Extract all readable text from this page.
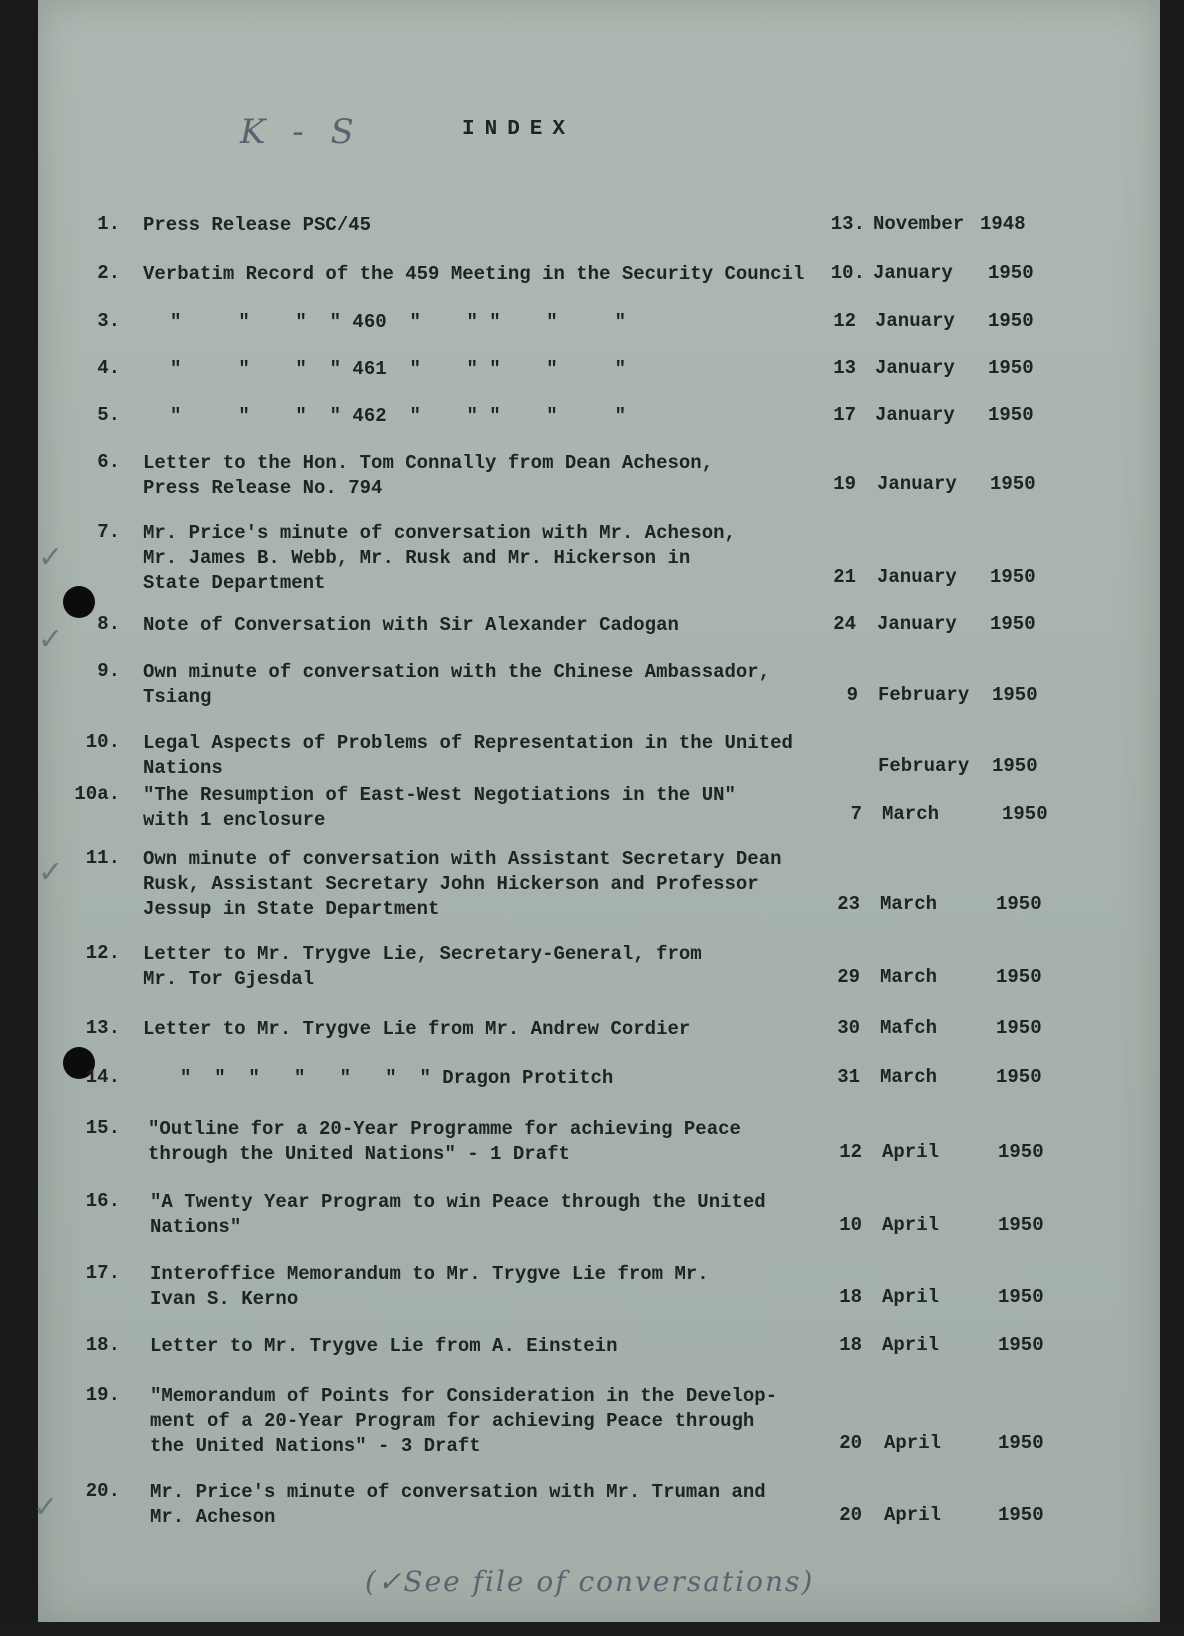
K - S	INDEX
✓
✓
✓
✓
1. Press Release PSC/45	13. November 1948
2. Verbatim Record of the 459 Meeting in the Security Council	10. January 1950
3.	"     "    "  " 460  "    " "    "     "	12 January 1950
4.	"     "    "  " 461  "    " "    "     "	13 January 1950
5.	"     "    "  " 462  "    " "    "     "	17 January 1950
6. Letter to the Hon. Tom Connally from Dean Acheson,
Press Release No. 794	19 January 1950
7. Mr. Price's minute of conversation with Mr. Acheson,
Mr. James B. Webb, Mr. Rusk and Mr. Hickerson in
State Department	21 January 1950
8. Note of Conversation with Sir Alexander Cadogan	24 January 1950
9. Own minute of conversation with the Chinese Ambassador,
Tsiang	9 February 1950
10. Legal Aspects of Problems of Representation in the United
Nations	February 1950
10a. "The Resumption of East-West Negotiations in the UN"
with 1 enclosure	7 March	1950
11. Own minute of conversation with Assistant Secretary Dean
Rusk, Assistant Secretary John Hickerson and Professor
Jessup in State Department	23 March	1950
12. Letter to Mr. Trygve Lie, Secretary-General, from
Mr. Tor Gjesdal	29 March	1950
13. Letter to Mr. Trygve Lie from Mr. Andrew Cordier	30 Mafch	1950
14.	"  "  "   "   "   "  " Dragon Protitch	31 March	1950
15. "Outline for a 20-Year Programme for achieving Peace
through the United Nations" - 1 Draft	12 April	1950
16. "A Twenty Year Program to win Peace through the United
Nations"	10 April	1950
17. Interoffice Memorandum to Mr. Trygve Lie from Mr.
Ivan S. Kerno	18 April	1950
18. Letter to Mr. Trygve Lie from A. Einstein	18 April	1950
19. "Memorandum of Points for Consideration in the Develop-
ment of a 20-Year Program for achieving Peace through
the United Nations" - 3 Draft	20 April	1950
20. Mr. Price's minute of conversation with Mr. Truman and
Mr. Acheson	20 April	1950
(✓See file of conversations)
